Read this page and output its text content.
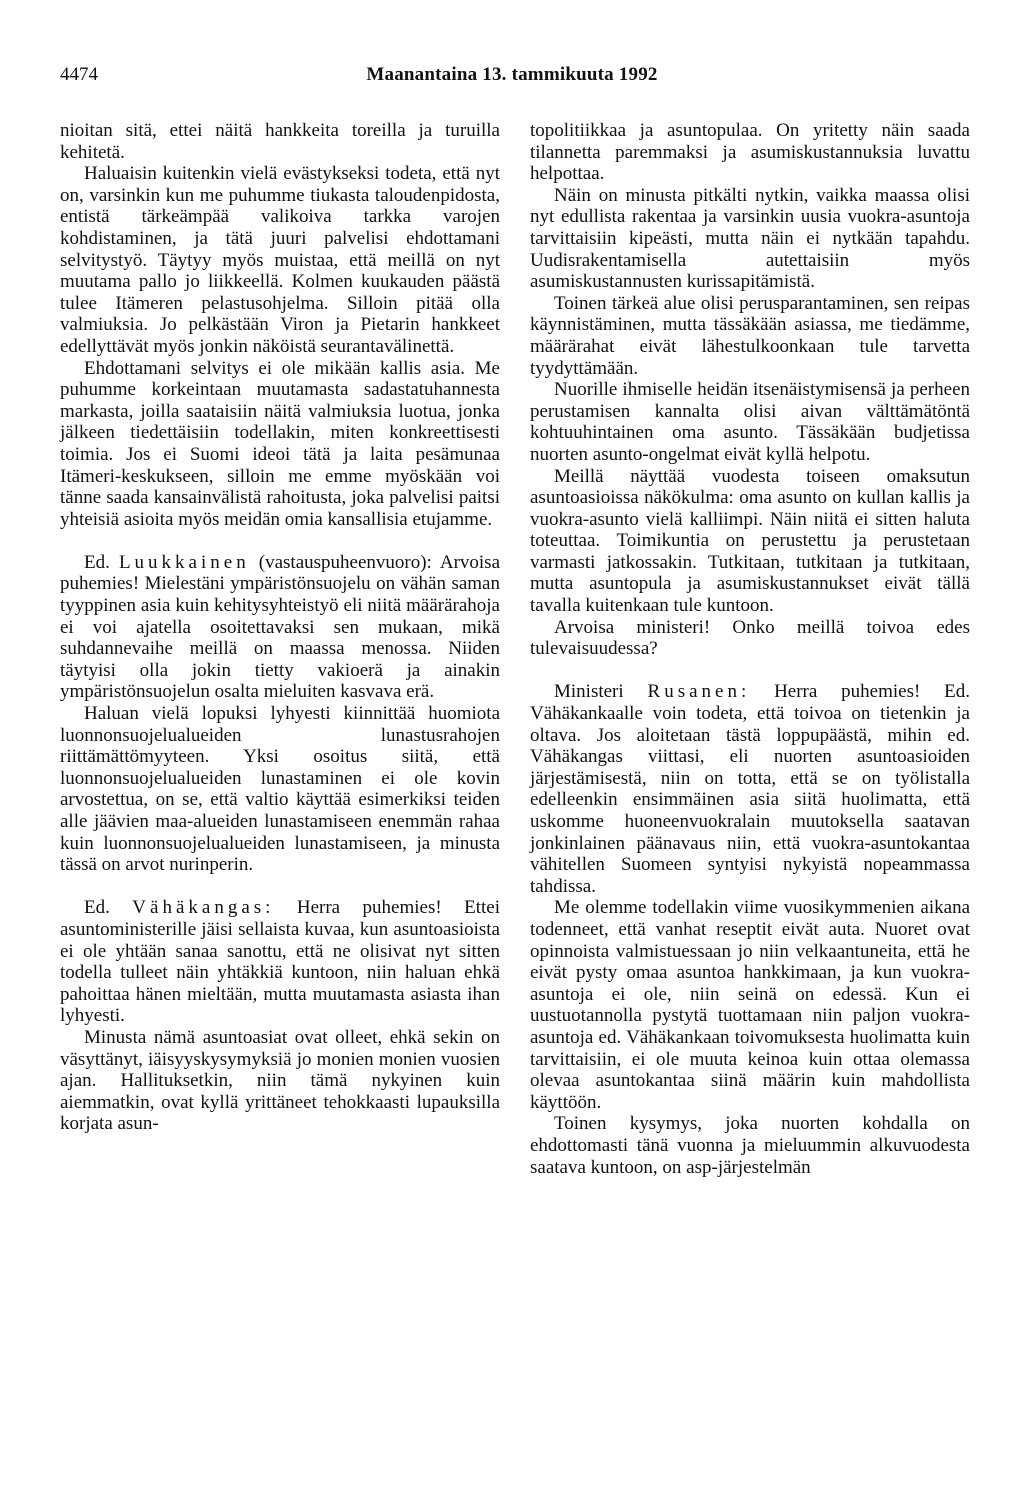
4474	Maanantaina 13. tammikuuta 1992

nioitan sitä, ettei näitä hankkeita toreilla ja turuilla kehitetä.

Haluaisin kuitenkin vielä evästykseksi todeta, että nyt on, varsinkin kun me puhumme tiukasta taloudenpidosta, entistä tärkeämpää valikoiva tarkka varojen kohdistaminen, ja tätä juuri palvelisi ehdottamani selvitystyö. Täytyy myös muistaa, että meillä on nyt muutama pallo jo liikkeellä. Kolmen kuukauden päästä tulee Itämeren pelastusohjelma. Silloin pitää olla valmiuksia. Jo pelkästään Viron ja Pietarin hankkeet edellyttävät myös jonkin näköistä seurantavälinettä.

Ehdottamani selvitys ei ole mikään kallis asia. Me puhumme korkeintaan muutamasta sadastatuhannesta markasta, joilla saataisiin näitä valmiuksia luotua, jonka jälkeen tiedettäisiin todellakin, miten konkreettisesti toimia. Jos ei Suomi ideoi tätä ja laita pesämunaa Itämeri-keskukseen, silloin me emme myöskään voi tänne saada kansainvälistä rahoitusta, joka palvelisi paitsi yhteisiä asioita myös meidän omia kansallisia etujamme.

Ed. Luukkainen (vastauspuheenvuoro): Arvoisa puhemies! Mielestäni ympäristönsuojelu on vähän saman tyyppinen asia kuin kehitysyhteistyö eli niitä määrärahoja ei voi ajatella osoitettavaksi sen mukaan, mikä suhdannevaihe meillä on maassa menossa. Niiden täytyisi olla jokin tietty vakioerä ja ainakin ympäristönsuojelun osalta mieluiten kasvava erä.

Haluan vielä lopuksi lyhyesti kiinnittää huomiota luonnonsuojelualueiden lunastusrahojen riittämättömyyteen. Yksi osoitus siitä, että luonnonsuojelualueiden lunastaminen ei ole kovin arvostettua, on se, että valtio käyttää esimerkiksi teiden alle jäävien maa-alueiden lunastamiseen enemmän rahaa kuin luonnonsuojelualueiden lunastamiseen, ja minusta tässä on arvot nurinperin.

Ed. Vähäkangas: Herra puhemies! Ettei asuntoministerille jäisi sellaista kuvaa, kun asuntoasioista ei ole yhtään sanaa sanottu, että ne olisivat nyt sitten todella tulleet näin yhtäkkiä kuntoon, niin haluan ehkä pahoittaa hänen mieltään, mutta muutamasta asiasta ihan lyhyesti.

Minusta nämä asuntoasiat ovat olleet, ehkä sekin on väsyttänyt, iäisyyskysymyksiä jo monien monien vuosien ajan. Hallituksetkin, niin tämä nykyinen kuin aiemmatkin, ovat kyllä yrittäneet tehokkaasti lupauksilla korjata asun-

topolitiikkaa ja asuntopulaa. On yritetty näin saada tilannetta paremmaksi ja asumiskustannuksia luvattu helpottaa.

Näin on minusta pitkälti nytkin, vaikka maassa olisi nyt edullista rakentaa ja varsinkin uusia vuokra-asuntoja tarvittaisiin kipeästi, mutta näin ei nytkään tapahdu. Uudisrakentamisella autettaisiin myös asumiskustannusten kurissapitämistä.

Toinen tärkeä alue olisi perusparantaminen, sen reipas käynnistäminen, mutta tässäkään asiassa, me tiedämme, määrärahat eivät lähestulkoonkaan tule tarvetta tyydyttämään.

Nuorille ihmiselle heidän itsenäistymisensä ja perheen perustamisen kannalta olisi aivan välttämätöntä kohtuuhintainen oma asunto. Tässäkään budjetissa nuorten asunto-ongelmat eivät kyllä helpotu.

Meillä näyttää vuodesta toiseen omaksutun asuntoasioissa näkökulma: oma asunto on kullan kallis ja vuokra-asunto vielä kalliimpi. Näin niitä ei sitten haluta toteuttaa. Toimikuntia on perustettu ja perustetaan varmasti jatkossakin. Tutkitaan, tutkitaan ja tutkitaan, mutta asuntopula ja asumiskustannukset eivät tällä tavalla kuitenkaan tule kuntoon.

Arvoisa ministeri! Onko meillä toivoa edes tulevaisuudessa?

Ministeri Rusanen: Herra puhemies! Ed. Vähäkankaalle voin todeta, että toivoa on tietenkin ja oltava. Jos aloitetaan tästä loppupäästä, mihin ed. Vähäkangas viittasi, eli nuorten asuntoasioiden järjestämisestä, niin on totta, että se on työlistalla edelleenkin ensimmäinen asia siitä huolimatta, että uskomme huoneenvuokralain muutoksella saatavan jonkinlainen päänavaus niin, että vuokra-asuntokantaa vähitellen Suomeen syntyisi nykyistä nopeammassa tahdissa.

Me olemme todellakin viime vuosikymmenien aikana todenneet, että vanhat reseptit eivät auta. Nuoret ovat opinnoista valmistuessaan jo niin velkaantuneita, että he eivät pysty omaa asuntoa hankkimaan, ja kun vuokra-asuntoja ei ole, niin seinä on edessä. Kun ei uustuotannolla pystytä tuottamaan niin paljon vuokra-asuntoja ed. Vähäkankaan toivomuksesta huolimatta kuin tarvittaisiin, ei ole muuta keinoa kuin ottaa olemassa olevaa asuntokantaa siinä määrin kuin mahdollista käyttöön.

Toinen kysymys, joka nuorten kohdalla on ehdottomasti tänä vuonna ja mieluummin alkuvuodesta saatava kuntoon, on asp-järjestelmän
